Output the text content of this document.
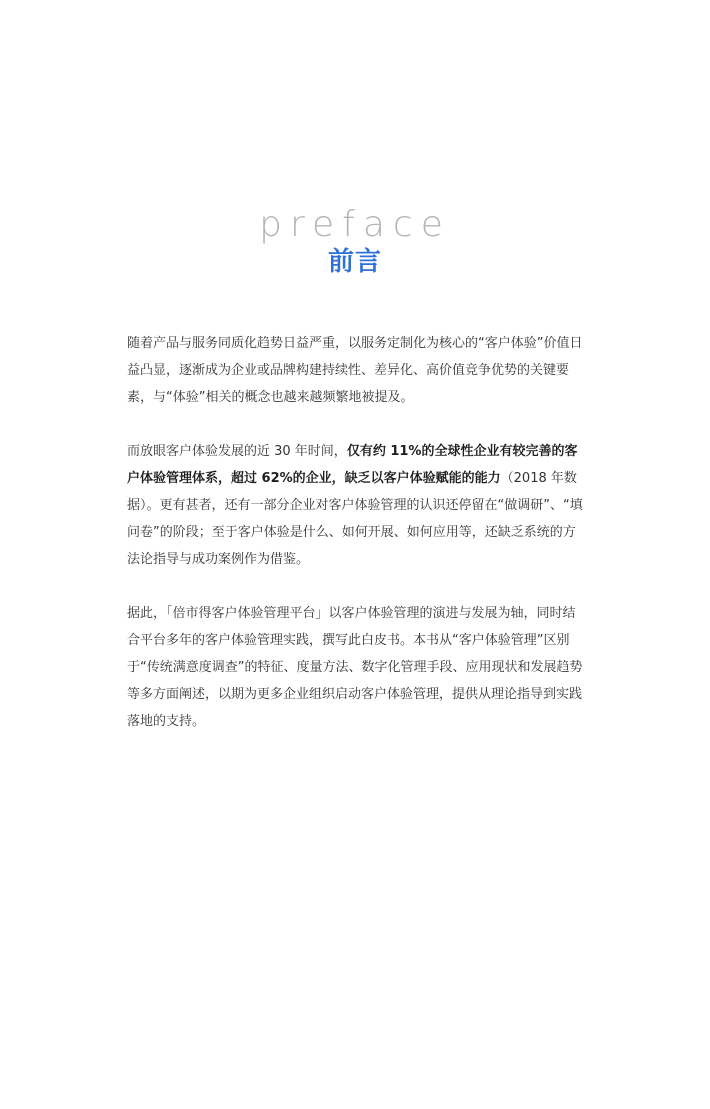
preface
前言

随着产品与服务同质化趋势日益严重，以服务定制化为核心的“客户体验”价值日益凸显，逐渐成为企业或品牌构建持续性、差异化、高价值竞争优势的关键要素，与“体验”相关的概念也越来越频繁地被提及。

而放眼客户体验发展的近 30 年时间，仅有约 11%的全球性企业有较完善的客户体验管理体系，超过 62%的企业，缺乏以客户体验赋能的能力（2018 年数据）。更有甚者，还有一部分企业对客户体验管理的认识还停留在“做调研”、“填问卷”的阶段；至于客户体验是什么、如何开展、如何应用等，还缺乏系统的方法论指导与成功案例作为借鉴。

据此，「倍市得客户体验管理平台」以客户体验管理的演进与发展为轴，同时结合平台多年的客户体验管理实践，撰写此白皮书。本书从“客户体验管理”区别于“传统满意度调查”的特征、度量方法、数字化管理手段、应用现状和发展趋势等多方面阐述，以期为更多企业组织启动客户体验管理，提供从理论指导到实践落地的支持。
